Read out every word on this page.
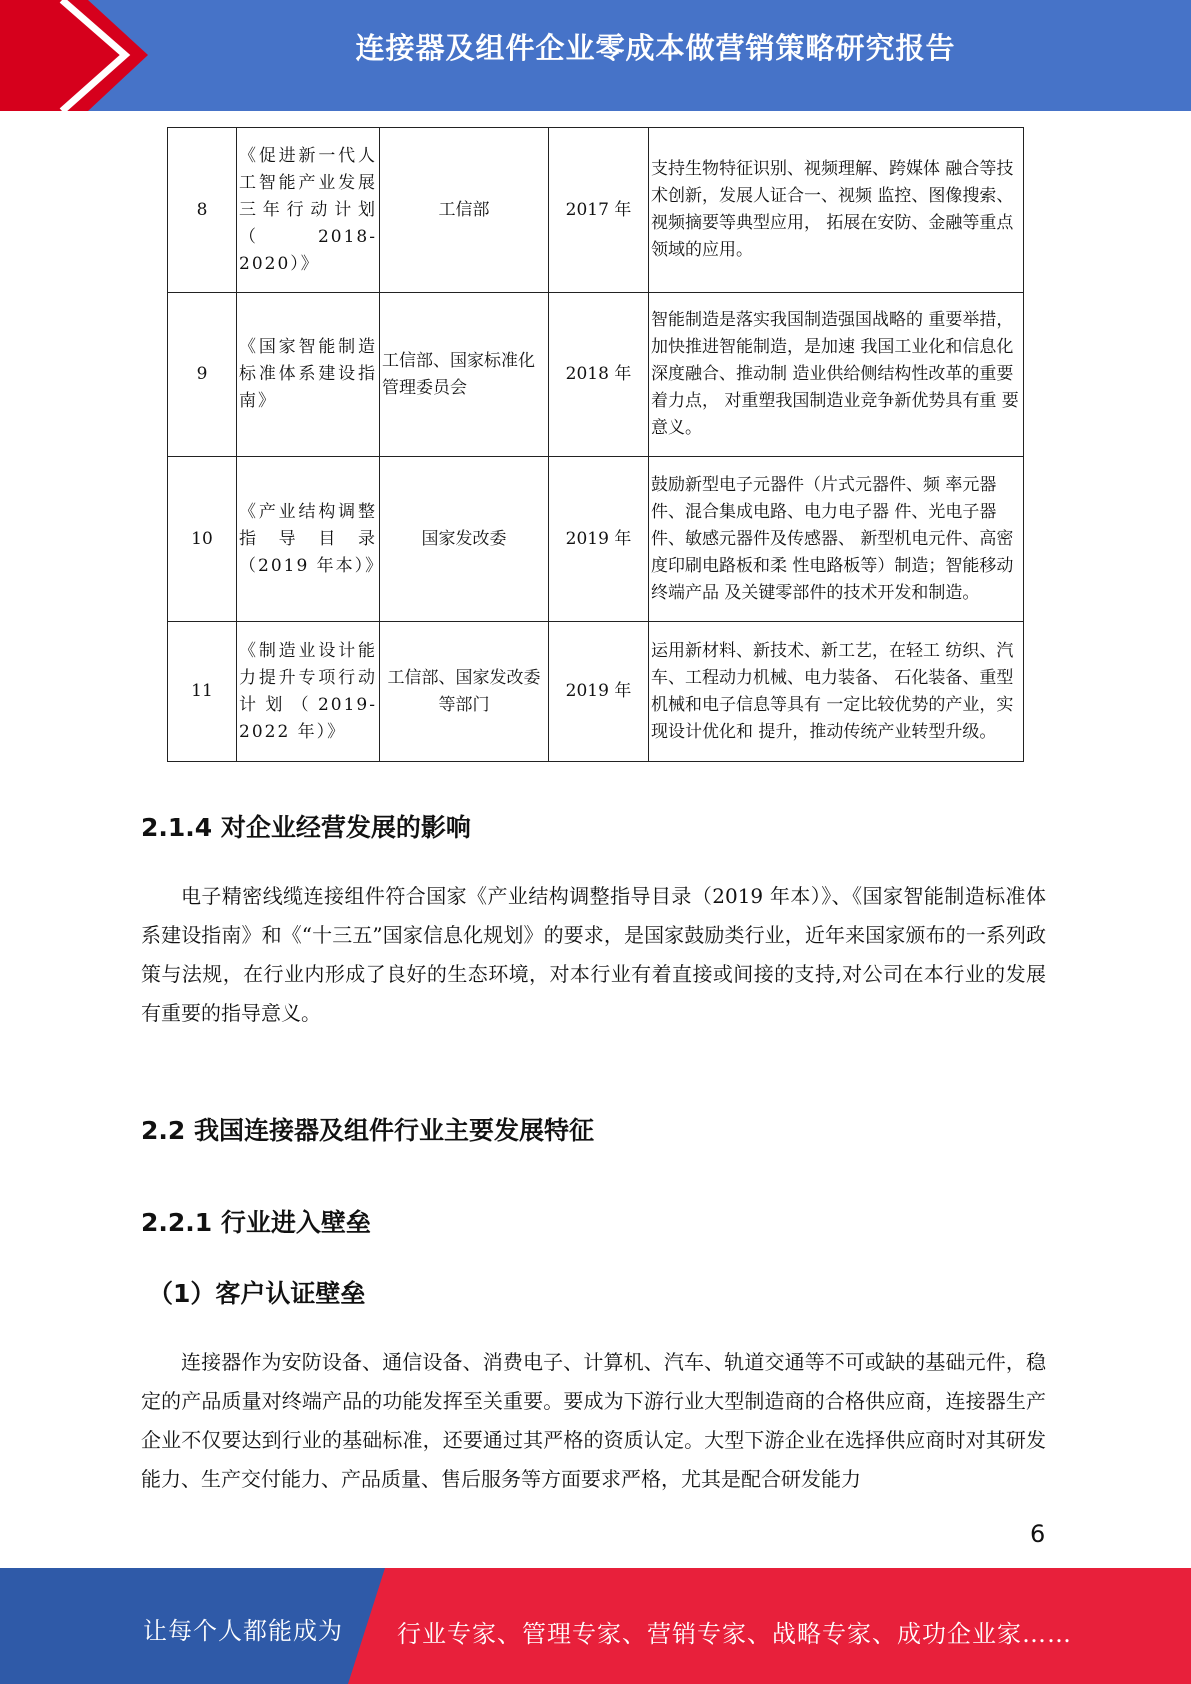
连接器及组件企业零成本做营销策略研究报告
8	《促进新一代人工智能产业发展三年行动计划（2018-2020）》	工信部	2017 年	支持生物特征识别、视频理解、跨媒体 融合等技术创新，发展人证合一、视频 监控、图像搜索、视频摘要等典型应用， 拓展在安防、金融等重点领域的应用。
9	《国家智能制造标准体系建设指南》	工信部、国家标准化管理委员会	2018 年	智能制造是落实我国制造强国战略的 重要举措，加快推进智能制造，是加速 我国工业化和信息化深度融合、推动制 造业供给侧结构性改革的重要着力点， 对重塑我国制造业竞争新优势具有重 要意义。
10	《产业结构调整指导目录（2019 年本）》	国家发改委	2019 年	鼓励新型电子元器件（片式元器件、频 率元器件、混合集成电路、电力电子器 件、光电子器件、敏感元器件及传感器、 新型机电元件、高密度印刷电路板和柔 性电路板等）制造；智能移动终端产品 及关键零部件的技术开发和制造。
11	《制造业设计能力提升专项行动计划（2019-2022 年）》	工信部、国家发改委等部门	2019 年	运用新材料、新技术、新工艺，在轻工 纺织、汽车、工程动力机械、电力装备、 石化装备、重型机械和电子信息等具有 一定比较优势的产业，实现设计优化和 提升，推动传统产业转型升级。
2.1.4 对企业经营发展的影响

电子精密线缆连接组件符合国家《产业结构调整指导目录（2019 年本）》、《国家智能制造标准体系建设指南》和《“十三五”国家信息化规划》的要求，是国家鼓励类行业，近年来国家颁布的一系列政策与法规，在行业内形成了良好的生态环境，对本行业有着直接或间接的支持,对公司在本行业的发展有重要的指导意义。

2.2 我国连接器及组件行业主要发展特征
2.2.1 行业进入壁垒
（1）客户认证壁垒

连接器作为安防设备、通信设备、消费电子、计算机、汽车、轨道交通等不可或缺的基础元件，稳定的产品质量对终端产品的功能发挥至关重要。要成为下游行业大型制造商的合格供应商，连接器生产企业不仅要达到行业的基础标准，还要通过其严格的资质认定。大型下游企业在选择供应商时对其研发能力、生产交付能力、产品质量、售后服务等方面要求严格，尤其是配合研发能力

6
让每个人都能成为 行业专家、管理专家、营销专家、战略专家、成功企业家……
